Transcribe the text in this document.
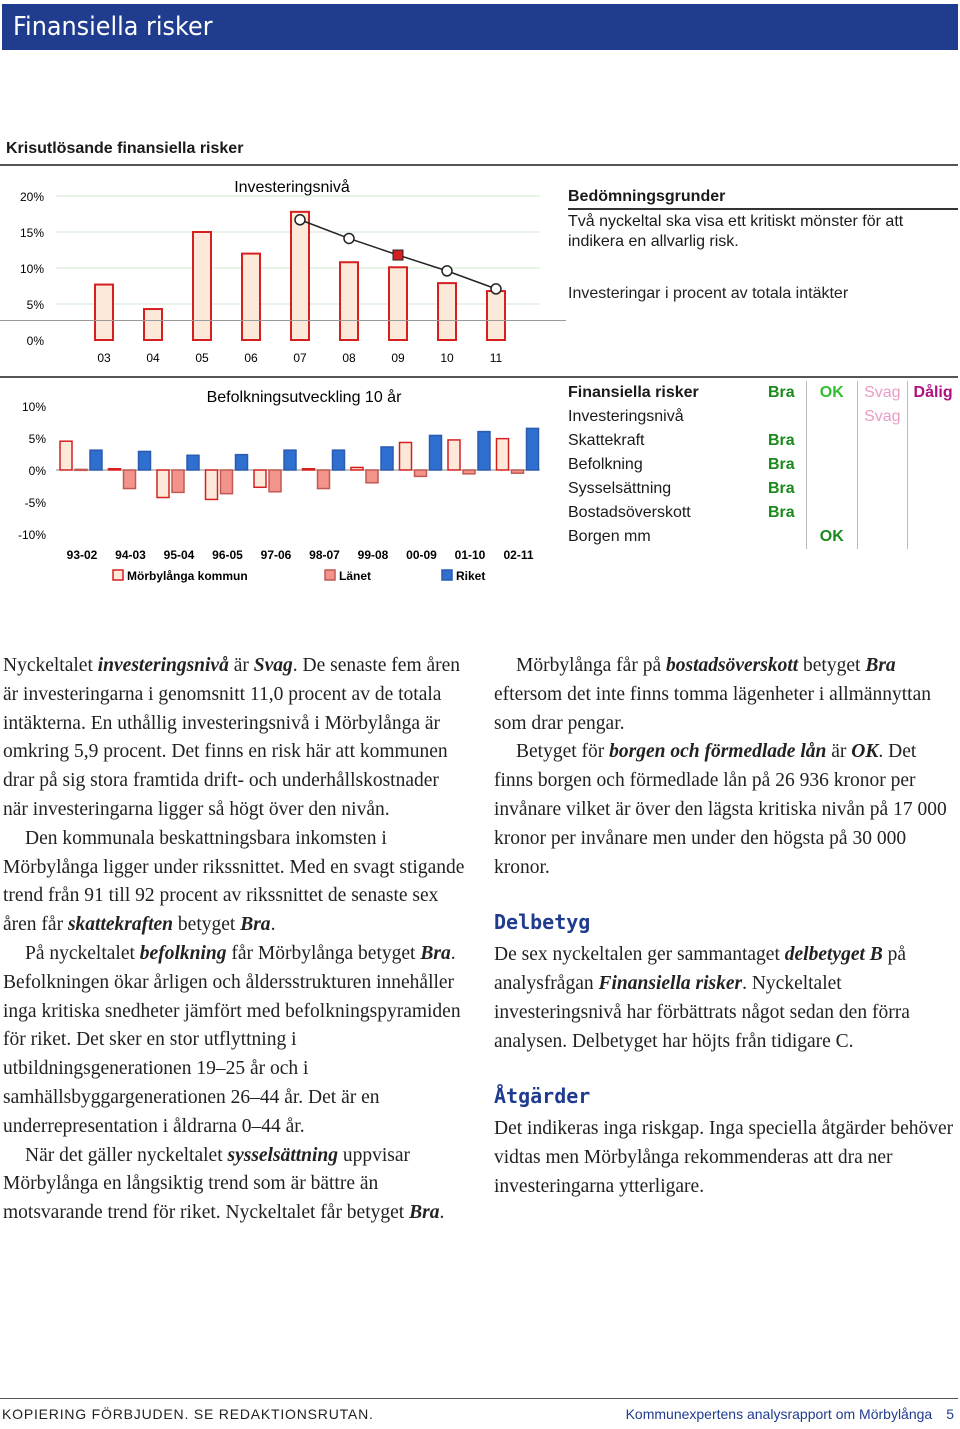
Finansiella risker
Krisutlösande finansiella risker
0%
5%
10%
15%
20%
Investeringsnivå
03	04	05	06	07	08	09	10	11
Bedömningsgrunder
Två nyckeltal ska visa ett kritiskt mönster för att indikera en allvarlig risk.
Investeringar i procent av totala intäkter
-10%
-5%
0%
5%
10%
Befolkningsutveckling 10 år
93-02 94-03 95-04 96-05 97-06 98-07 99-08 00-09 01-10 02-11
Mörbylånga kommun	Länet	Riket
Finansiella risker	Bra	OK	Svag	Dålig
Investeringsnivå			Svag	
Skattekraft	Bra			
Befolkning	Bra			
Sysselsättning	Bra			
Bostadsöverskott	Bra			
Borgen mm		OK		

Nyckeltalet investeringsnivå är Svag. De senaste fem åren är investeringarna i genomsnitt 11,0 procent av de totala intäkterna. En uthållig investeringsnivå i Mörbylånga är omkring 5,9 procent. Det finns en risk här att kommunen drar på sig stora framtida drift- och underhållskostnader när investeringarna ligger så högt över den nivån.

Den kommunala beskattningsbara inkomsten i Mörbylånga ligger under rikssnittet. Med en svagt stigande trend från 91 till 92 procent av rikssnittet de senaste sex åren får skattekraften betyget Bra.

På nyckeltalet befolkning får Mörbylånga betyget Bra. Befolkningen ökar årligen och åldersstrukturen innehåller inga kritiska snedheter jämfört med befolkningspyramiden för riket. Det sker en stor utflyttning i utbildningsgenerationen 19–25 år och i samhällsbyggargenerationen 26–44 år. Det är en underrepresentation i åldrarna 0–44 år.

När det gäller nyckeltalet sysselsättning uppvisar Mörbylånga en långsiktig trend som är bättre än motsvarande trend för riket. Nyckeltalet får betyget Bra.

Mörbylånga får på bostadsöverskott betyget Bra eftersom det inte finns tomma lägenheter i allmännyttan som drar pengar.

Betyget för borgen och förmedlade lån är OK. Det finns borgen och förmedlade lån på 26 936 kronor per invånare vilket är över den lägsta kritiska nivån på 17 000 kronor per invånare men under den högsta på 30 000 kronor.

Delbetyg

De sex nyckeltalen ger sammantaget delbetyget B på analysfrågan Finansiella risker. Nyckeltalet investeringsnivå har förbättrats något sedan den förra analysen. Delbetyget har höjts från tidigare C.

Åtgärder

Det indikeras inga riskgap. Inga speciella åtgärder behöver vidtas men Mörbylånga rekommenderas att dra ner investeringarna ytterligare.

KOPIERING FÖRBJUDEN. SE REDAKTIONSRUTAN.	Kommunexpertens analysrapport om Mörbylånga 5
